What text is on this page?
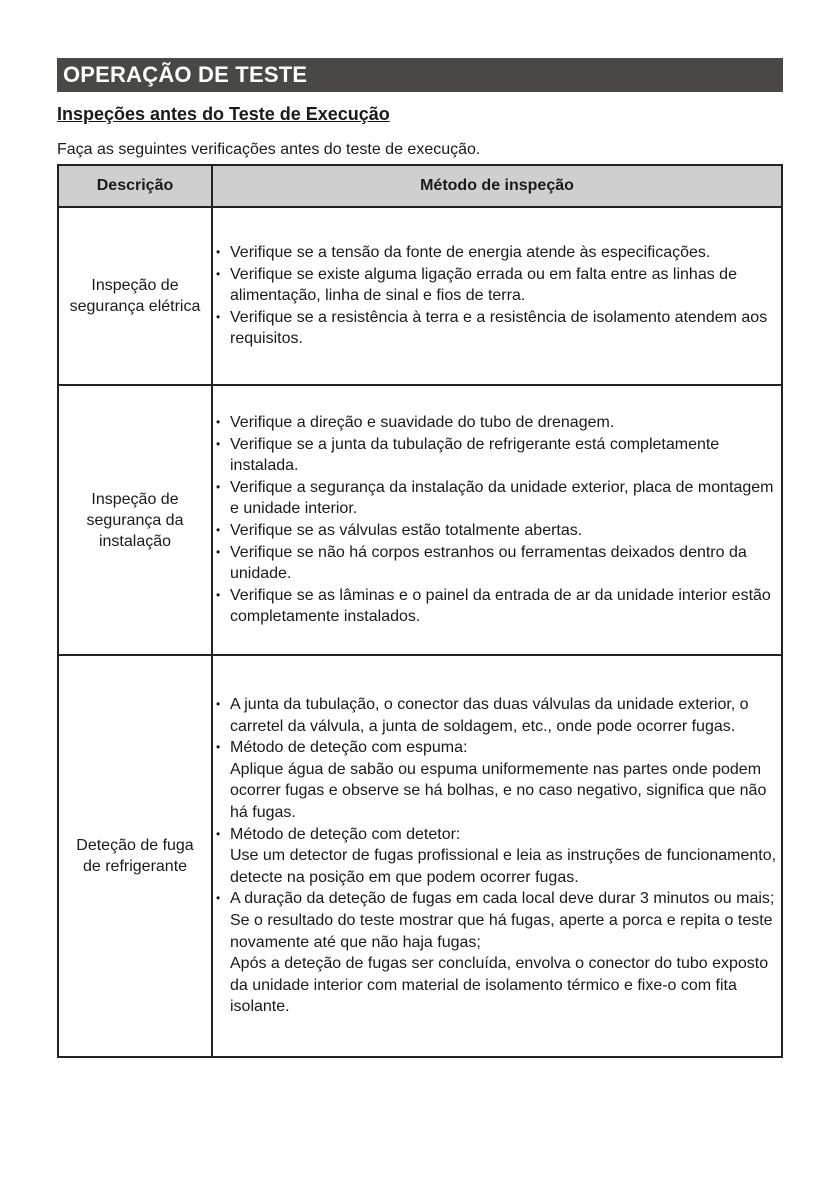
OPERAÇÃO DE TESTE
Inspeções antes do Teste de Execução
Faça as seguintes verificações antes do teste de execução.
Descrição	Método de inspeção
Inspeção de segurança elétrica	
• Verifique se a tensão da fonte de energia atende às especificações.
• Verifique se existe alguma ligação errada ou em falta entre as linhas de alimentação, linha de sinal e fios de terra.
• Verifique se a resistência à terra e a resistência de isolamento atendem aos requisitos.

Inspeção de segurança da instalação	
• Verifique a direção e suavidade do tubo de drenagem.
• Verifique se a junta da tubulação de refrigerante está completamente instalada.
• Verifique a segurança da instalação da unidade exterior, placa de montagem e unidade interior.
• Verifique se as válvulas estão totalmente abertas.
• Verifique se não há corpos estranhos ou ferramentas deixados dentro da unidade.
• Verifique se as lâminas e o painel da entrada de ar da unidade interior estão completamente instalados.

Deteção de fuga de refrigerante	
• A junta da tubulação, o conector das duas válvulas da unidade exterior, o carretel da válvula, a junta de soldagem, etc., onde pode ocorrer fugas.
• Método de deteção com espuma:
Aplique água de sabão ou espuma uniformemente nas partes onde podem ocorrer fugas e observe se há bolhas, e no caso negativo, significa que não há fugas.
• Método de deteção com detetor:
Use um detector de fugas profissional e leia as instruções de funcionamento, detecte na posição em que podem ocorrer fugas.
• A duração da deteção de fugas em cada local deve durar 3 minutos ou mais;
Se o resultado do teste mostrar que há fugas, aperte a porca e repita o teste novamente até que não haja fugas;
Após a deteção de fugas ser concluída, envolva o conector do tubo exposto da unidade interior com material de isolamento térmico e fixe-o com fita isolante.
